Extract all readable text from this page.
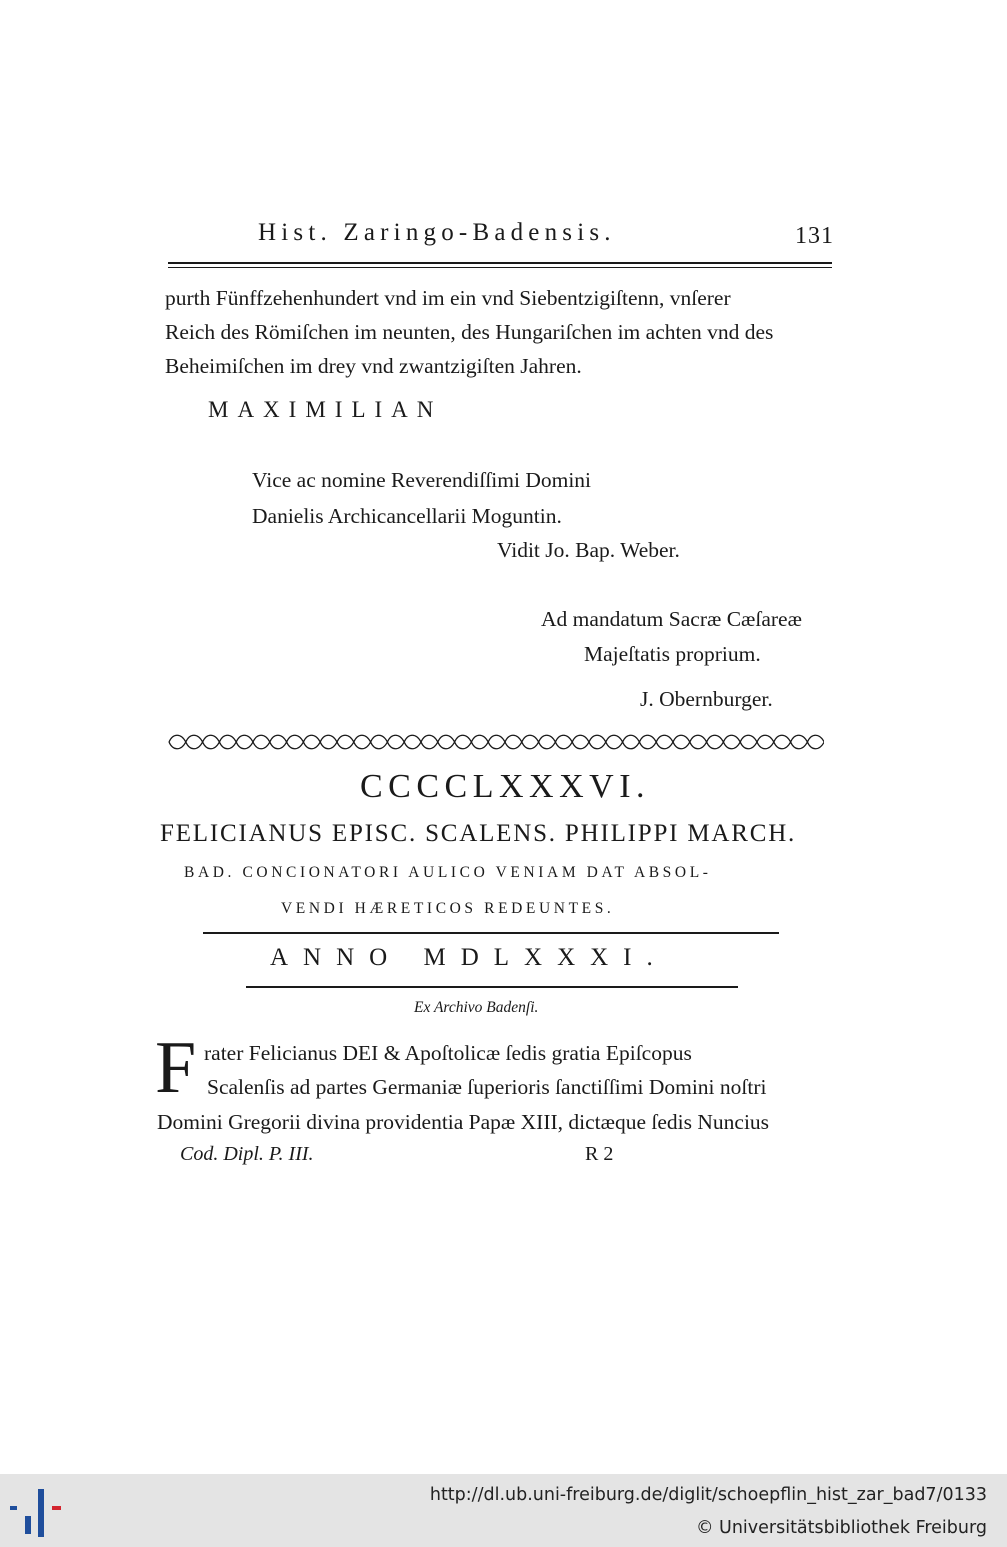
Hist. Zaringo-Badensis.	131
purth Fünffzehenhundert vnd im ein vnd Siebentzigiſtenn, vnſerer
Reich des Römiſchen im neunten, des Hungariſchen im achten vnd des
Beheimiſchen im drey vnd zwantzigiſten Jahren.
MAXIMILIAN
Vice ac nomine Reverendiſſimi Domini
Danielis Archicancellarii Moguntin.
Vidit Jo. Bap. Weber.
Ad mandatum Sacræ Cæſareæ
Majeſtatis proprium.
J. Obernburger.
CCCCLXXXVI.
FELICIANUS EPISC. SCALENS. PHILIPPI MARCH.
BAD. CONCIONATORI AULICO VENIAM DAT ABSOL-
VENDI HÆRETICOS REDEUNTES.
ANNO MDLXXXI.
Ex Archivo Badenſi.
F rater Felicianus DEI & Apoſtolicæ ſedis gratia Epiſcopus
Scalenſis ad partes Germaniæ ſuperioris ſanctiſſimi Domini noſtri
Domini Gregorii divina providentia Papæ XIII, dictæque ſedis Nuncius
Cod. Dipl. P. III.	R 2
http://dl.ub.uni-freiburg.de/diglit/schoepflin_hist_zar_bad7/0133
© Universitätsbibliothek Freiburg
